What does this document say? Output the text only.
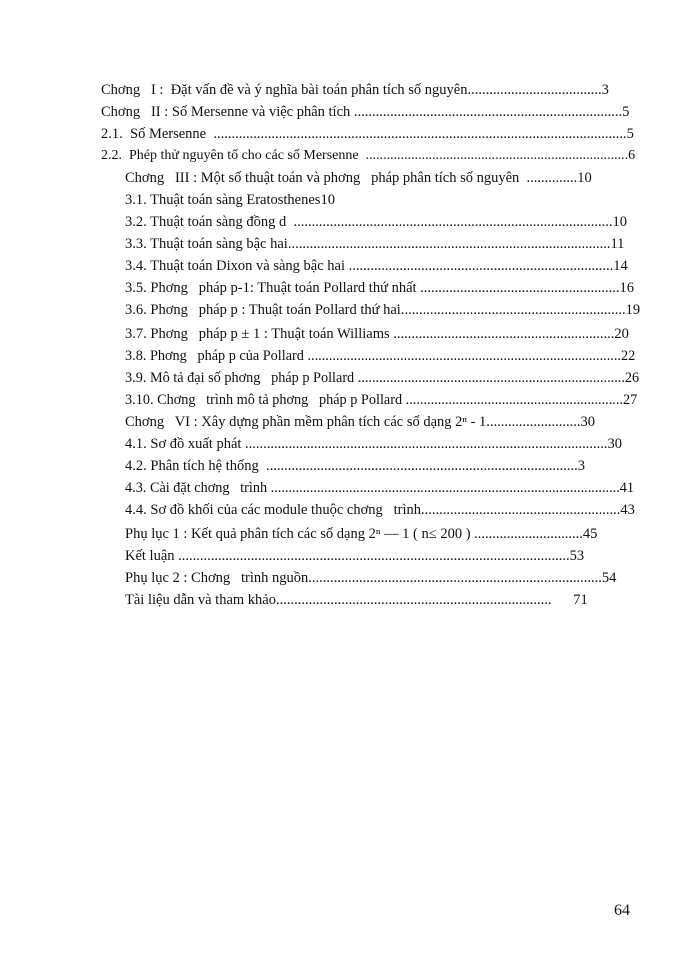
Chơng   I :  Đặt vấn đề và ý nghĩa bài toán phân tích số nguyên.....................................3
Chơng   II : Số Mersenne và việc phân tích ..........................................................................5
2.1.  Số Mersenne  ..................................................................................................................5
2.2.  Phép thử nguyên tố cho các số Mersenne  ...........................................................................6
Chơng   III : Một số thuật toán và phơng   pháp phân tích số nguyên  ..............10
3.1. Thuật toán sàng Eratosthenes10
3.2. Thuật toán sàng đồng d  ........................................................................................10
3.3. Thuật toán sàng bậc hai.........................................................................................11
3.4. Thuật toán Dixon và sàng bậc hai .........................................................................14
3.5. Phơng   pháp p-1: Thuật toán Pollard thứ nhất .......................................................16
3.6. Phơng   pháp p : Thuật toán Pollard thứ hai..............................................................19
3.7. Phơng   pháp p ± 1 : Thuật toán Williams .............................................................20
3.8. Phơng   pháp p của Pollard ........................................................................................22
3.9. Mô tả đại số phơng   pháp p Pollard ...........................................................................26
3.10. Chơng   trình mô tả phơng   pháp p Pollard .............................................................27
Chơng   VI : Xây dựng phần mềm phân tích các số dạng 2ⁿ - 1..........................30
4.1. Sơ đồ xuất phát ....................................................................................................30
4.2. Phân tích hệ thống  ......................................................................................3
4.3. Cài đặt chơng   trình ..................................................................................................41
4.4. Sơ đồ khối của các module thuộc chơng   trình.......................................................43
Phụ lục 1 : Kết quả phân tích các số dạng 2ⁿ — 1 ( n≤ 200 ) ..............................45
Kết luận ............................................................................................................53
Phụ lục 2 : Chơng   trình nguồn.................................................................................54
Tài liệu dẫn và tham khảo............................................................................      71
64
